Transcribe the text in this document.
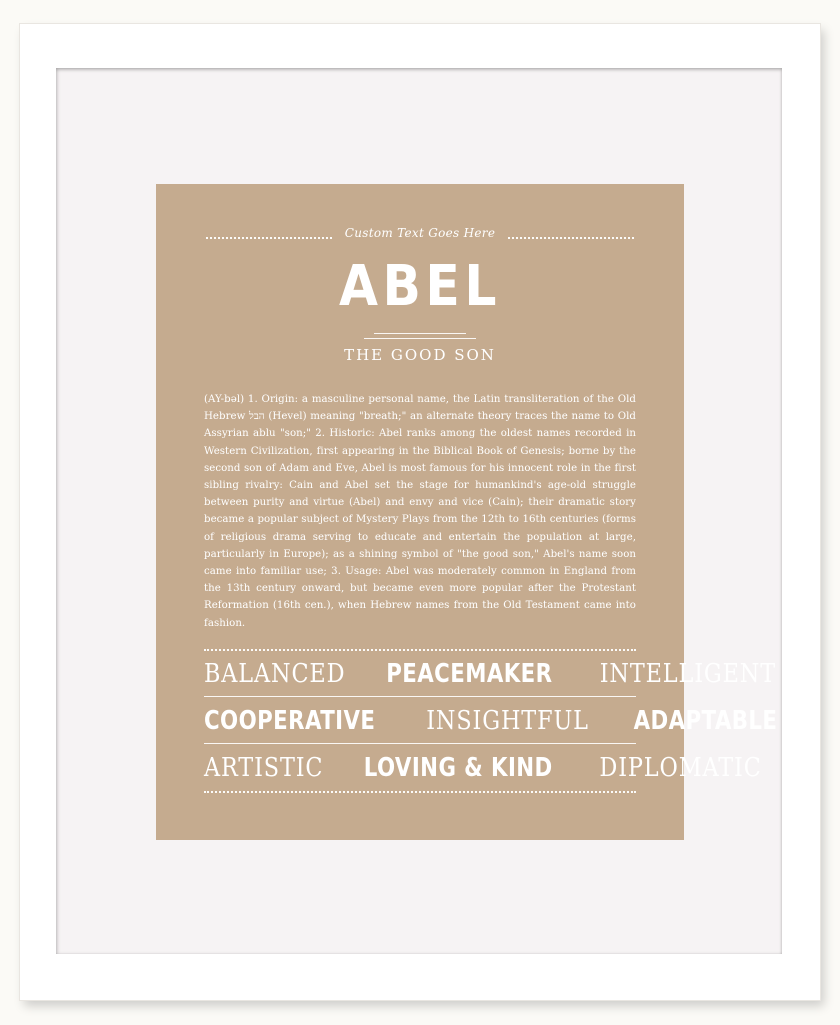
Custom Text Goes Here
ABEL
THE GOOD SON
(AY-bəl) 1. Origin: a masculine personal name, the Latin transliteration of the Old Hebrew הבל (Hevel) meaning "breath;" an alternate theory traces the name to Old Assyrian ablu "son;" 2. Historic: Abel ranks among the oldest names recorded in Western Civilization, first appearing in the Biblical Book of Genesis; borne by the second son of Adam and Eve, Abel is most famous for his innocent role in the first sibling rivalry: Cain and Abel set the stage for humankind's age-old struggle between purity and virtue (Abel) and envy and vice (Cain); their dramatic story became a popular subject of Mystery Plays from the 12th to 16th centuries (forms of religious drama serving to educate and entertain the population at large, particularly in Europe); as a shining symbol of "the good son," Abel's name soon came into familiar use; 3. Usage: Abel was moderately common in England from the 13th century onward, but became even more popular after the Protestant Reformation (16th cen.), when Hebrew names from the Old Testament came into fashion.
BALANCED PEACEMAKER INTELLIGENT
COOPERATIVE INSIGHTFUL ADAPTABLE
ARTISTIC LOVING & KIND DIPLOMATIC
